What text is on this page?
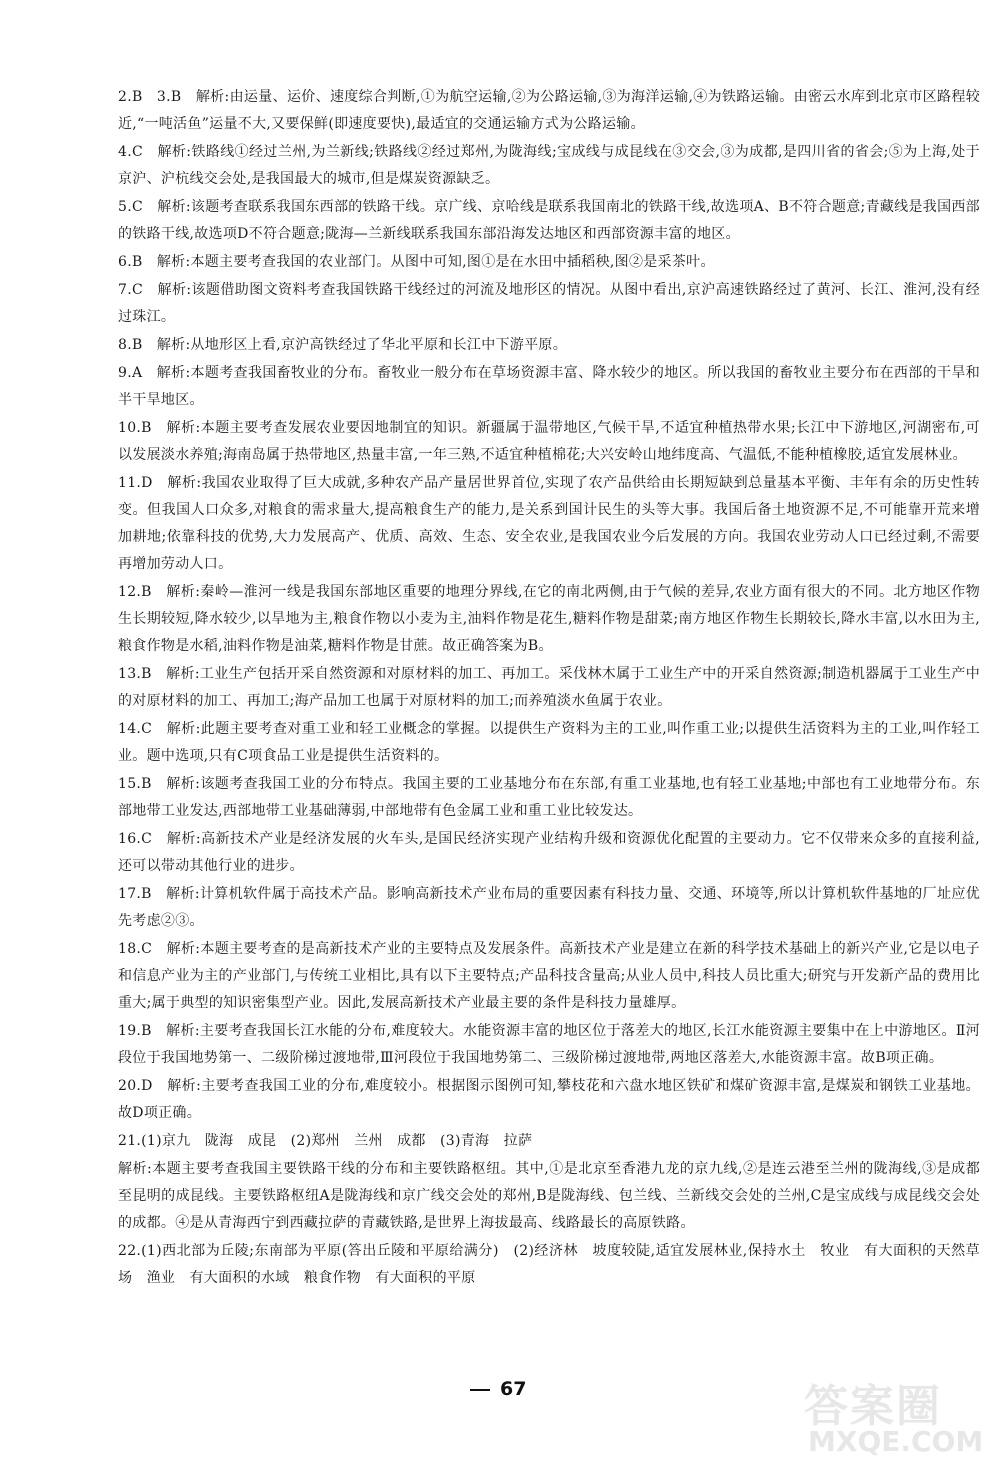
2.B　3.B　解析:由运量、运价、速度综合判断,①为航空运输,②为公路运输,③为海洋运输,④为铁路运输。由密云水库到北京市区路程较近,“一吨活鱼”运量不大,又要保鲜(即速度要快),最适宜的交通运输方式为公路运输。

4.C　解析:铁路线①经过兰州,为兰新线;铁路线②经过郑州,为陇海线;宝成线与成昆线在③交会,③为成都,是四川省的省会;⑤为上海,处于京沪、沪杭线交会处,是我国最大的城市,但是煤炭资源缺乏。

5.C　解析:该题考查联系我国东西部的铁路干线。京广线、京哈线是联系我国南北的铁路干线,故选项A、B不符合题意;青藏线是我国西部的铁路干线,故选项D不符合题意;陇海—兰新线联系我国东部沿海发达地区和西部资源丰富的地区。

6.B　解析:本题主要考查我国的农业部门。从图中可知,图①是在水田中插稻秧,图②是采茶叶。

7.C　解析:该题借助图文资料考查我国铁路干线经过的河流及地形区的情况。从图中看出,京沪高速铁路经过了黄河、长江、淮河,没有经过珠江。

8.B　解析:从地形区上看,京沪高铁经过了华北平原和长江中下游平原。

9.A　解析:本题考查我国畜牧业的分布。畜牧业一般分布在草场资源丰富、降水较少的地区。所以我国的畜牧业主要分布在西部的干旱和半干旱地区。

10.B　解析:本题主要考查发展农业要因地制宜的知识。新疆属于温带地区,气候干旱,不适宜种植热带水果;长江中下游地区,河湖密布,可以发展淡水养殖;海南岛属于热带地区,热量丰富,一年三熟,不适宜种植棉花;大兴安岭山地纬度高、气温低,不能种植橡胶,适宜发展林业。

11.D　解析:我国农业取得了巨大成就,多种农产品产量居世界首位,实现了农产品供给由长期短缺到总量基本平衡、丰年有余的历史性转变。但我国人口众多,对粮食的需求量大,提高粮食生产的能力,是关系到国计民生的头等大事。我国后备土地资源不足,不可能靠开荒来增加耕地;依靠科技的优势,大力发展高产、优质、高效、生态、安全农业,是我国农业今后发展的方向。我国农业劳动人口已经过剩,不需要再增加劳动人口。

12.B　解析:秦岭—淮河一线是我国东部地区重要的地理分界线,在它的南北两侧,由于气候的差异,农业方面有很大的不同。北方地区作物生长期较短,降水较少,以旱地为主,粮食作物以小麦为主,油料作物是花生,糖料作物是甜菜;南方地区作物生长期较长,降水丰富,以水田为主,粮食作物是水稻,油料作物是油菜,糖料作物是甘蔗。故正确答案为B。

13.B　解析:工业生产包括开采自然资源和对原材料的加工、再加工。采伐林木属于工业生产中的开采自然资源;制造机器属于工业生产中的对原材料的加工、再加工;海产品加工也属于对原材料的加工;而养殖淡水鱼属于农业。

14.C　解析:此题主要考查对重工业和轻工业概念的掌握。以提供生产资料为主的工业,叫作重工业;以提供生活资料为主的工业,叫作轻工业。题中选项,只有C项食品工业是提供生活资料的。

15.B　解析:该题考查我国工业的分布特点。我国主要的工业基地分布在东部,有重工业基地,也有轻工业基地;中部也有工业地带分布。东部地带工业发达,西部地带工业基础薄弱,中部地带有色金属工业和重工业比较发达。

16.C　解析:高新技术产业是经济发展的火车头,是国民经济实现产业结构升级和资源优化配置的主要动力。它不仅带来众多的直接利益,还可以带动其他行业的进步。

17.B　解析:计算机软件属于高技术产品。影响高新技术产业布局的重要因素有科技力量、交通、环境等,所以计算机软件基地的厂址应优先考虑②③。

18.C　解析:本题主要考查的是高新技术产业的主要特点及发展条件。高新技术产业是建立在新的科学技术基础上的新兴产业,它是以电子和信息产业为主的产业部门,与传统工业相比,具有以下主要特点;产品科技含量高;从业人员中,科技人员比重大;研究与开发新产品的费用比重大;属于典型的知识密集型产业。因此,发展高新技术产业最主要的条件是科技力量雄厚。

19.B　解析:主要考查我国长江水能的分布,难度较大。水能资源丰富的地区位于落差大的地区,长江水能资源主要集中在上中游地区。Ⅱ河段位于我国地势第一、二级阶梯过渡地带,Ⅲ河段位于我国地势第二、三级阶梯过渡地带,两地区落差大,水能资源丰富。故B项正确。

20.D　解析:主要考查我国工业的分布,难度较小。根据图示图例可知,攀枝花和六盘水地区铁矿和煤矿资源丰富,是煤炭和钢铁工业基地。故D项正确。

21.(1)京九　陇海　成昆　(2)郑州　兰州　成都　(3)青海　拉萨

解析:本题主要考查我国主要铁路干线的分布和主要铁路枢纽。其中,①是北京至香港九龙的京九线,②是连云港至兰州的陇海线,③是成都至昆明的成昆线。主要铁路枢纽A是陇海线和京广线交会处的郑州,B是陇海线、包兰线、兰新线交会处的兰州,C是宝成线与成昆线交会处的成都。④是从青海西宁到西藏拉萨的青藏铁路,是世界上海拔最高、线路最长的高原铁路。

22.(1)西北部为丘陵;东南部为平原(答出丘陵和平原给满分)　(2)经济林　坡度较陡,适宜发展林业,保持水土　牧业　有大面积的天然草场　渔业　有大面积的水域　粮食作物　有大面积的平原

67	答案圈
MXQE.COM
